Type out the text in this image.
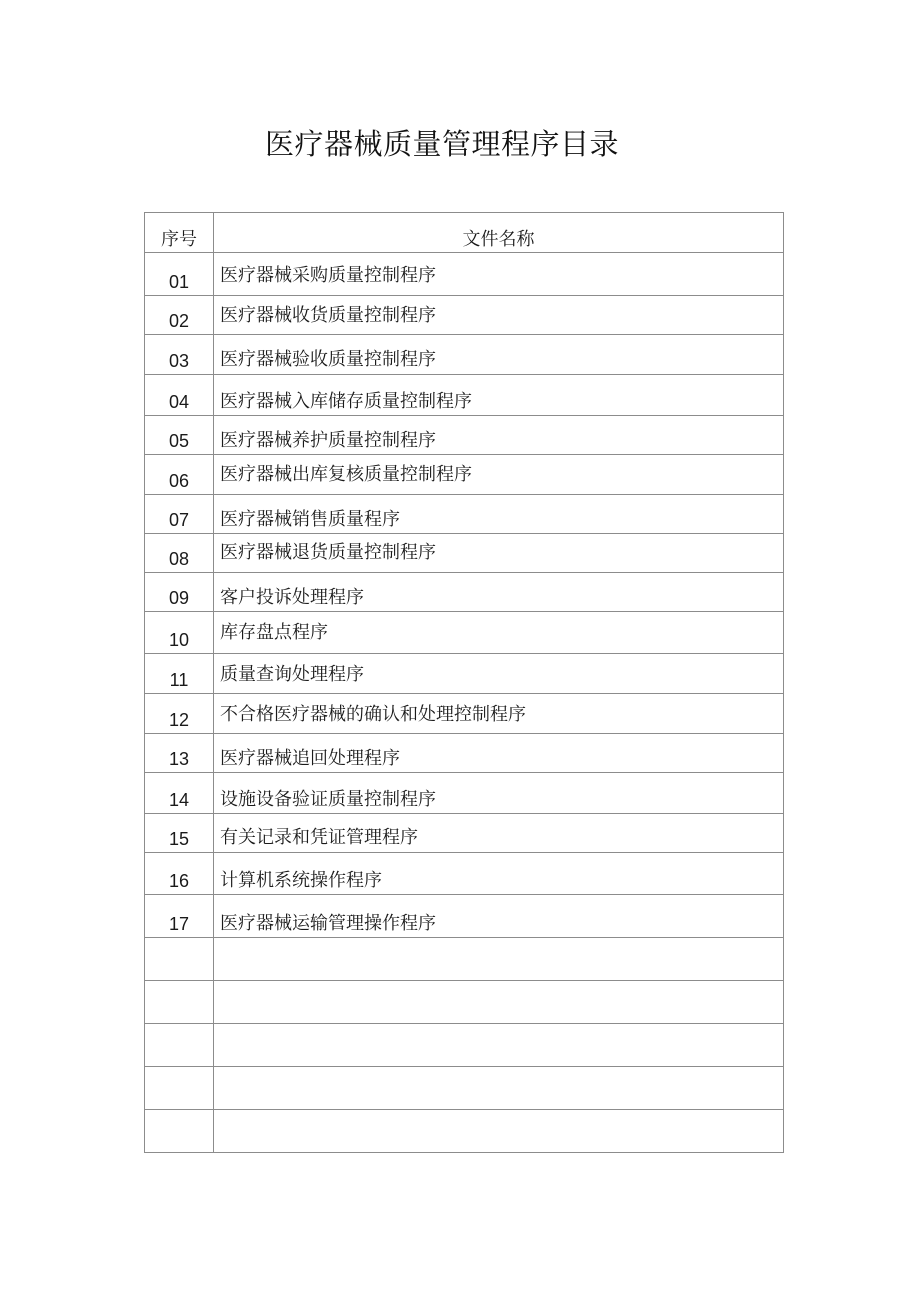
医疗器械质量管理程序目录
序号	文件名称
01	医疗器械采购质量控制程序
02	医疗器械收货质量控制程序
03	医疗器械验收质量控制程序
04	医疗器械入库储存质量控制程序
05	医疗器械养护质量控制程序
06	医疗器械出库复核质量控制程序
07	医疗器械销售质量程序
08	医疗器械退货质量控制程序
09	客户投诉处理程序
10	库存盘点程序
11	质量查询处理程序
12	不合格医疗器械的确认和处理控制程序
13	医疗器械追回处理程序
14	设施设备验证质量控制程序
15	有关记录和凭证管理程序
16	计算机系统操作程序
17	医疗器械运输管理操作程序
